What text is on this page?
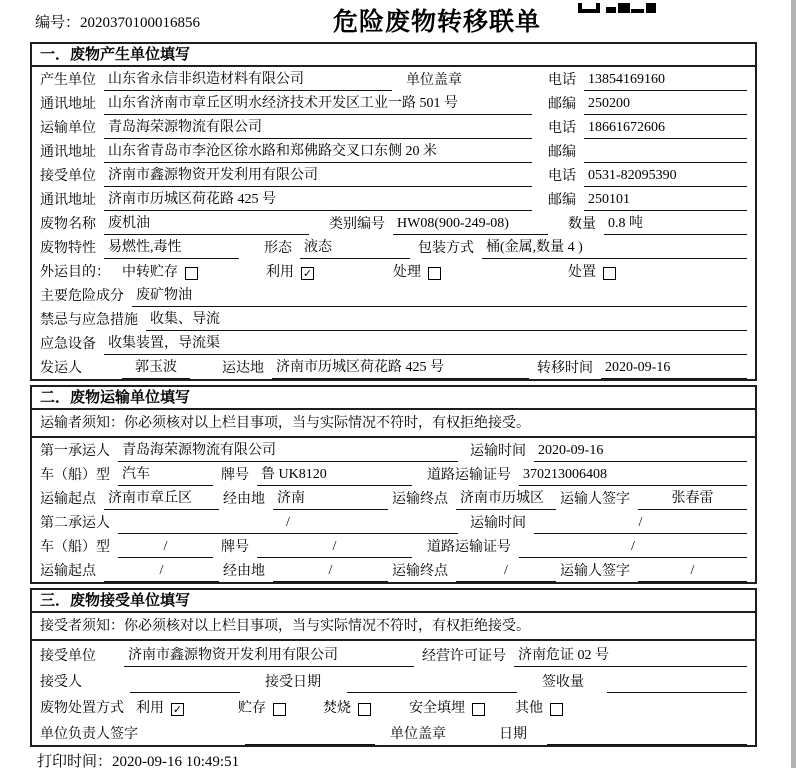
编号：2020370100016856	危险废物转移联单
一．废物产生单位填写
产生单位 山东省永信非织造材料有限公司	单位盖章	电话 13854169160
通讯地址 山东省济南市章丘区明水经济技术开发区工业一路 501 号	邮编 250200
运输单位 青岛海荣源物流有限公司	电话 18661672606
通讯地址 山东省青岛市李沧区徐水路和郑佛路交叉口东侧 20 米	邮编
接受单位 济南市鑫源物资开发利用有限公司	电话 0531-82095390
通讯地址 济南市历城区荷花路 425 号	邮编 250101
废物名称 废机油	类别编号 HW08(900-249-08)	数量 0.8 吨
废物特性 易燃性,毒性	形态 液态	包装方式 桶(金属,数量 4 )
外运目的： 中转贮存	利用 ✓	处理	处置
主要危险成分 废矿物油
禁忌与应急措施 收集、导流
应急设备 收集装置，导流渠
发运人	郭玉波	运达地 济南市历城区荷花路 425 号	转移时间 2020-09-16
二．废物运输单位填写
运输者须知：你必须核对以上栏目事项，当与实际情况不符时，有权拒绝接受。
第一承运人 青岛海荣源物流有限公司	运输时间 2020-09-16
车（船）型 汽车	牌号 鲁 UK8120	道路运输证号 370213006408
运输起点 济南市章丘区	经由地 济南	运输终点 济南市历城区	运输人签字	张春雷
第二承运人	/	运输时间	/
车（船）型	/	牌号	/	道路运输证号	/
运输起点	/	经由地	/	运输终点	/	运输人签字	/
三．废物接受单位填写
接受者须知：你必须核对以上栏目事项，当与实际情况不符时，有权拒绝接受。
接受单位 济南市鑫源物资开发利用有限公司	经营许可证号 济南危证 02 号
接受人	接受日期	签收量
废物处置方式 利用 ✓	贮存	焚烧	安全填埋	其他
单位负责人签字	单位盖章	日期
打印时间：2020-09-16 10:49:51
